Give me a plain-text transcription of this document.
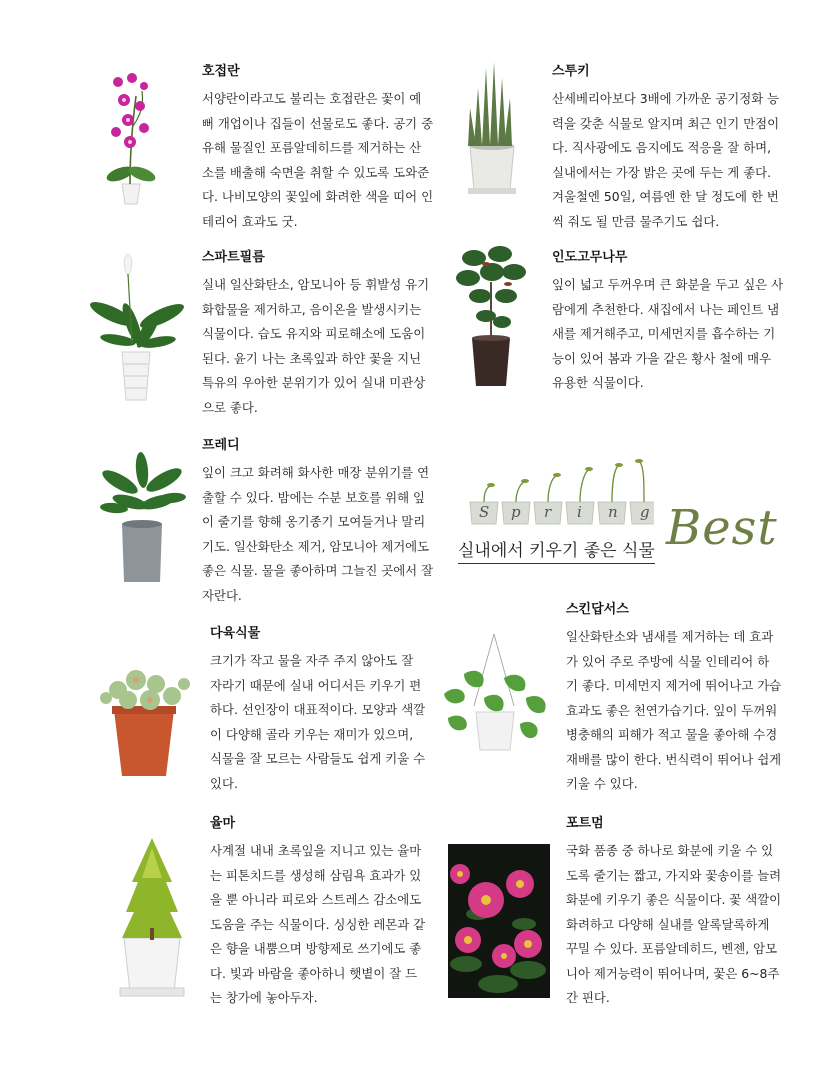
호접란

서양란이라고도 불리는 호접란은 꽃이 예
뻐 개업이나 집들이 선물로도 좋다. 공기 중
유해 물질인 포름알데히드를 제거하는 산
소를 배출해 숙면을 취할 수 있도록 도와준
다. 나비모양의 꽃잎에 화려한 색을 띠어 인
테리어 효과도 굿.

스투키

산세베리아보다 3배에 가까운 공기정화 능
력을 갖춘 식물로 알지며 최근 인기 만점이
다. 직사광에도 음지에도 적응을 잘 하며,
실내에서는 가장 밝은 곳에 두는 게 좋다.
겨울철엔 50일, 여름엔 한 달 정도에 한 번
씩 줘도 될 만큼 물주기도 쉽다.

스파트필름

실내 일산화탄소, 암모니아 등 휘발성 유기
화합물을 제거하고, 음이온을 발생시키는
식물이다. 습도 유지와 피로해소에 도움이
된다. 윤기 나는 초록잎과 하얀 꽃을 지닌
특유의 우아한 분위기가 있어 실내 미관상
으로 좋다.

인도고무나무

잎이 넓고 두꺼우며 큰 화분을 두고 싶은 사
람에게 추천한다. 새집에서 나는 페인트 냄
새를 제거해주고, 미세먼지를 흡수하는 기
능이 있어 봄과 가을 같은 황사 철에 매우
유용한 식물이다.

프레디

잎이 크고 화려해 화사한 매장 분위기를 연
출할 수 있다. 밤에는 수분 보호를 위해 잎
이 줄기를 향해 옹기종기 모여들거나 말리
기도. 일산화탄소 제거, 암모니아 제거에도
좋은 식물. 물을 좋아하며 그늘진 곳에서 잘
자란다.

스킨답서스

일산화탄소와 냄새를 제거하는 데 효과
가 있어 주로 주방에 식물 인테리어 하
기 좋다. 미세먼지 제거에 뛰어나고 가습
효과도 좋은 천연가습기다. 잎이 두꺼워
병충해의 피해가 적고 물을 좋아해 수경
재배를 많이 한다. 번식력이 뛰어나 쉽게
키울 수 있다.

다육식물

크기가 작고 물을 자주 주지 않아도 잘
자라기 때문에 실내 어디서든 키우기 편
하다. 선인장이 대표적이다. 모양과 색깔
이 다양해 골라 키우는 재미가 있으며,
식물을 잘 모르는 사람들도 쉽게 키울 수
있다.

율마

사계절 내내 초록잎을 지니고 있는 율마
는 피톤치드를 생성해 삼림욕 효과가 있
을 뿐 아니라 피로와 스트레스 감소에도
도움을 주는 식물이다. 싱싱한 레몬과 같
은 향을 내뿜으며 방향제로 쓰기에도 좋
다. 빛과 바람을 좋아하니 햇볕이 잘 드
는 창가에 놓아두자.

포트멈

국화 품종 중 하나로 화분에 키울 수 있
도록 줄기는 짧고, 가지와 꽃송이를 늘려
화분에 키우기 좋은 식물이다. 꽃 색깔이
화려하고 다양해 실내를 알록달록하게
꾸밀 수 있다. 포름알데히드, 벤젠, 암모
니아 제거능력이 뛰어나며, 꽃은 6~8주
간 핀다.

S p r i n g
실내에서 키우기 좋은 식물 Best
